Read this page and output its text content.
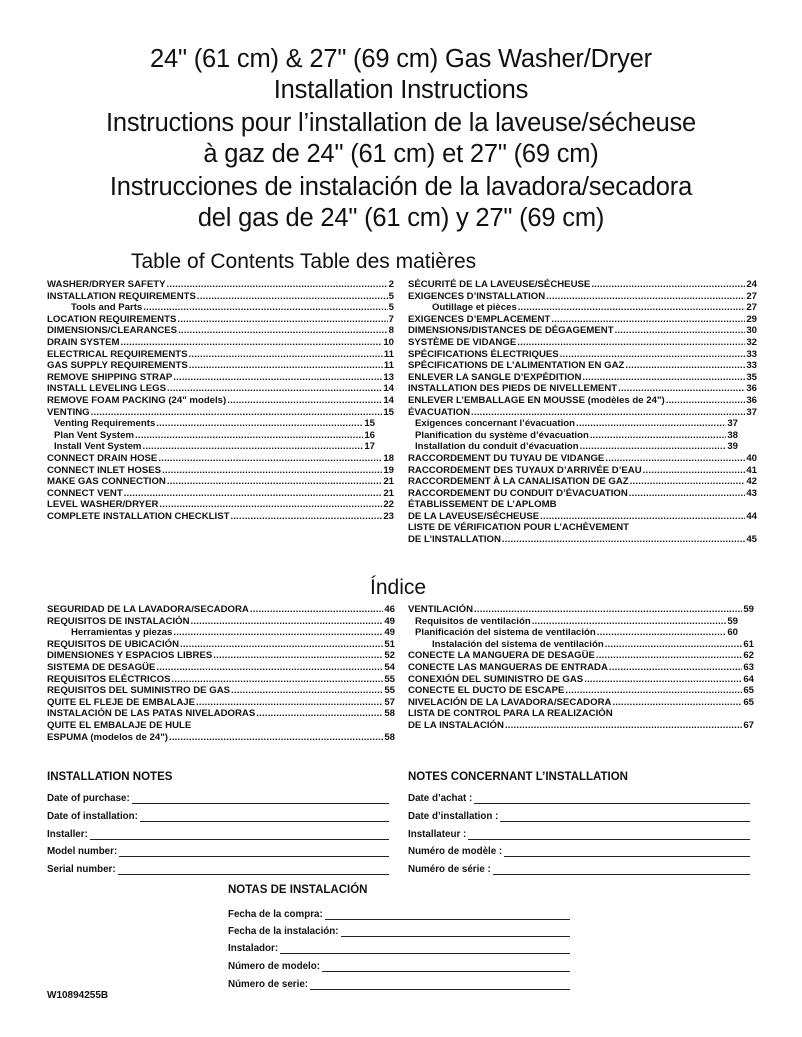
24" (61 cm) & 27" (69 cm) Gas Washer/Dryer
Installation Instructions
Instructions pour l’installation de la laveuse/sécheuse
à gaz de 24" (61 cm) et 27" (69 cm)
Instrucciones de instalación de la lavadora/secadora
del gas de 24" (61 cm) y 27" (69 cm)
Table of Contents Table des matières
WASHER/DRYER SAFETY .....	2
INSTALLATION REQUIREMENTS .....	5
Tools and Parts .....	5
LOCATION REQUIREMENTS .....	7
DIMENSIONS/CLEARANCES .....	8
DRAIN SYSTEM .....	10
ELECTRICAL REQUIREMENTS .....	11
GAS SUPPLY REQUIREMENTS .....	11
REMOVE SHIPPING STRAP .....	13
INSTALL LEVELING LEGS .....	14
REMOVE FOAM PACKING (24" models) .....	14
VENTING .....	15
Venting Requirements .....	15
Plan Vent System .....	16
Install Vent System .....	17
CONNECT DRAIN HOSE .....	18
CONNECT INLET HOSES .....	19
MAKE GAS CONNECTION .....	21
CONNECT VENT .....	21
LEVEL WASHER/DRYER .....	22
COMPLETE INSTALLATION CHECKLIST .....	23
SÉCURITÉ DE LA LAVEUSE/SÉCHEUSE .....	24
EXIGENCES D’INSTALLATION .....	27
Outillage et pièces .....	27
EXIGENCES D’EMPLACEMENT .....	29
DIMENSIONS/DISTANCES DE DÉGAGEMENT .....	30
SYSTÈME DE VIDANGE .....	32
SPÉCIFICATIONS ÉLECTRIQUES .....	33
SPÉCIFICATIONS DE L’ALIMENTATION EN GAZ .....	33
ENLEVER LA SANGLE D’EXPÉDITION .....	35
INSTALLATION DES PIEDS DE NIVELLEMENT .....	36
ENLEVER L’EMBALLAGE EN MOUSSE (modèles de 24") .....	36
ÉVACUATION .....	37
Exigences concernant l’évacuation .....	37
Planification du système d’évacuation .....	38
Installation du conduit d’évacuation .....	39
RACCORDEMENT DU TUYAU DE VIDANGE .....	40
RACCORDEMENT DES TUYAUX D’ARRIVÉE D’EAU .....	41
RACCORDEMENT À LA CANALISATION DE GAZ .....	42
RACCORDEMENT DU CONDUIT D’ÉVACUATION .....	43
ÉTABLISSEMENT DE L’APLOMB
DE LA LAVEUSE/SÉCHEUSE .....	44
LISTE DE VÉRIFICATION POUR L’ACHÈVEMENT
DE L’INSTALLATION .....	45
Índice
SEGURIDAD DE LA LAVADORA/SECADORA .....	46
REQUISITOS DE INSTALACIÓN .....	49
Herramientas y piezas .....	49
REQUISITOS DE UBICACIÓN .....	51
DIMENSIONES Y ESPACIOS LIBRES .....	52
SISTEMA DE DESAGÜE .....	54
REQUISITOS ELÉCTRICOS .....	55
REQUISITOS DEL SUMINISTRO DE GAS .....	55
QUITE EL FLEJE DE EMBALAJE .....	57
INSTALACIÓN DE LAS PATAS NIVELADORAS .....	58
QUITE EL EMBALAJE DE HULE
ESPUMA (modelos de 24") .....	58
VENTILACIÓN .....	59
Requisitos de ventilación .....	59
Planificación del sistema de ventilación .....	60
Instalación del sistema de ventilación .....	61
CONECTE LA MANGUERA DE DESAGÜE .....	62
CONECTE LAS MANGUERAS DE ENTRADA .....	63
CONEXIÓN DEL SUMINISTRO DE GAS .....	64
CONECTE EL DUCTO DE ESCAPE .....	65
NIVELACIÓN DE LA LAVADORA/SECADORA .....	65
LISTA DE CONTROL PARA LA REALIZACIÓN
DE LA INSTALACIÓN .....	67
INSTALLATION NOTES
Date of purchase:
Date of installation:
Installer:
Model number:
Serial number:
NOTES CONCERNANT L’INSTALLATION
Date d’achat :
Date d’installation :
Installateur :
Numéro de modèle :
Numéro de série :
NOTAS DE INSTALACIÓN
Fecha de la compra:
Fecha de la instalación:
Instalador:
Número de modelo:
Número de serie:
W10894255B
